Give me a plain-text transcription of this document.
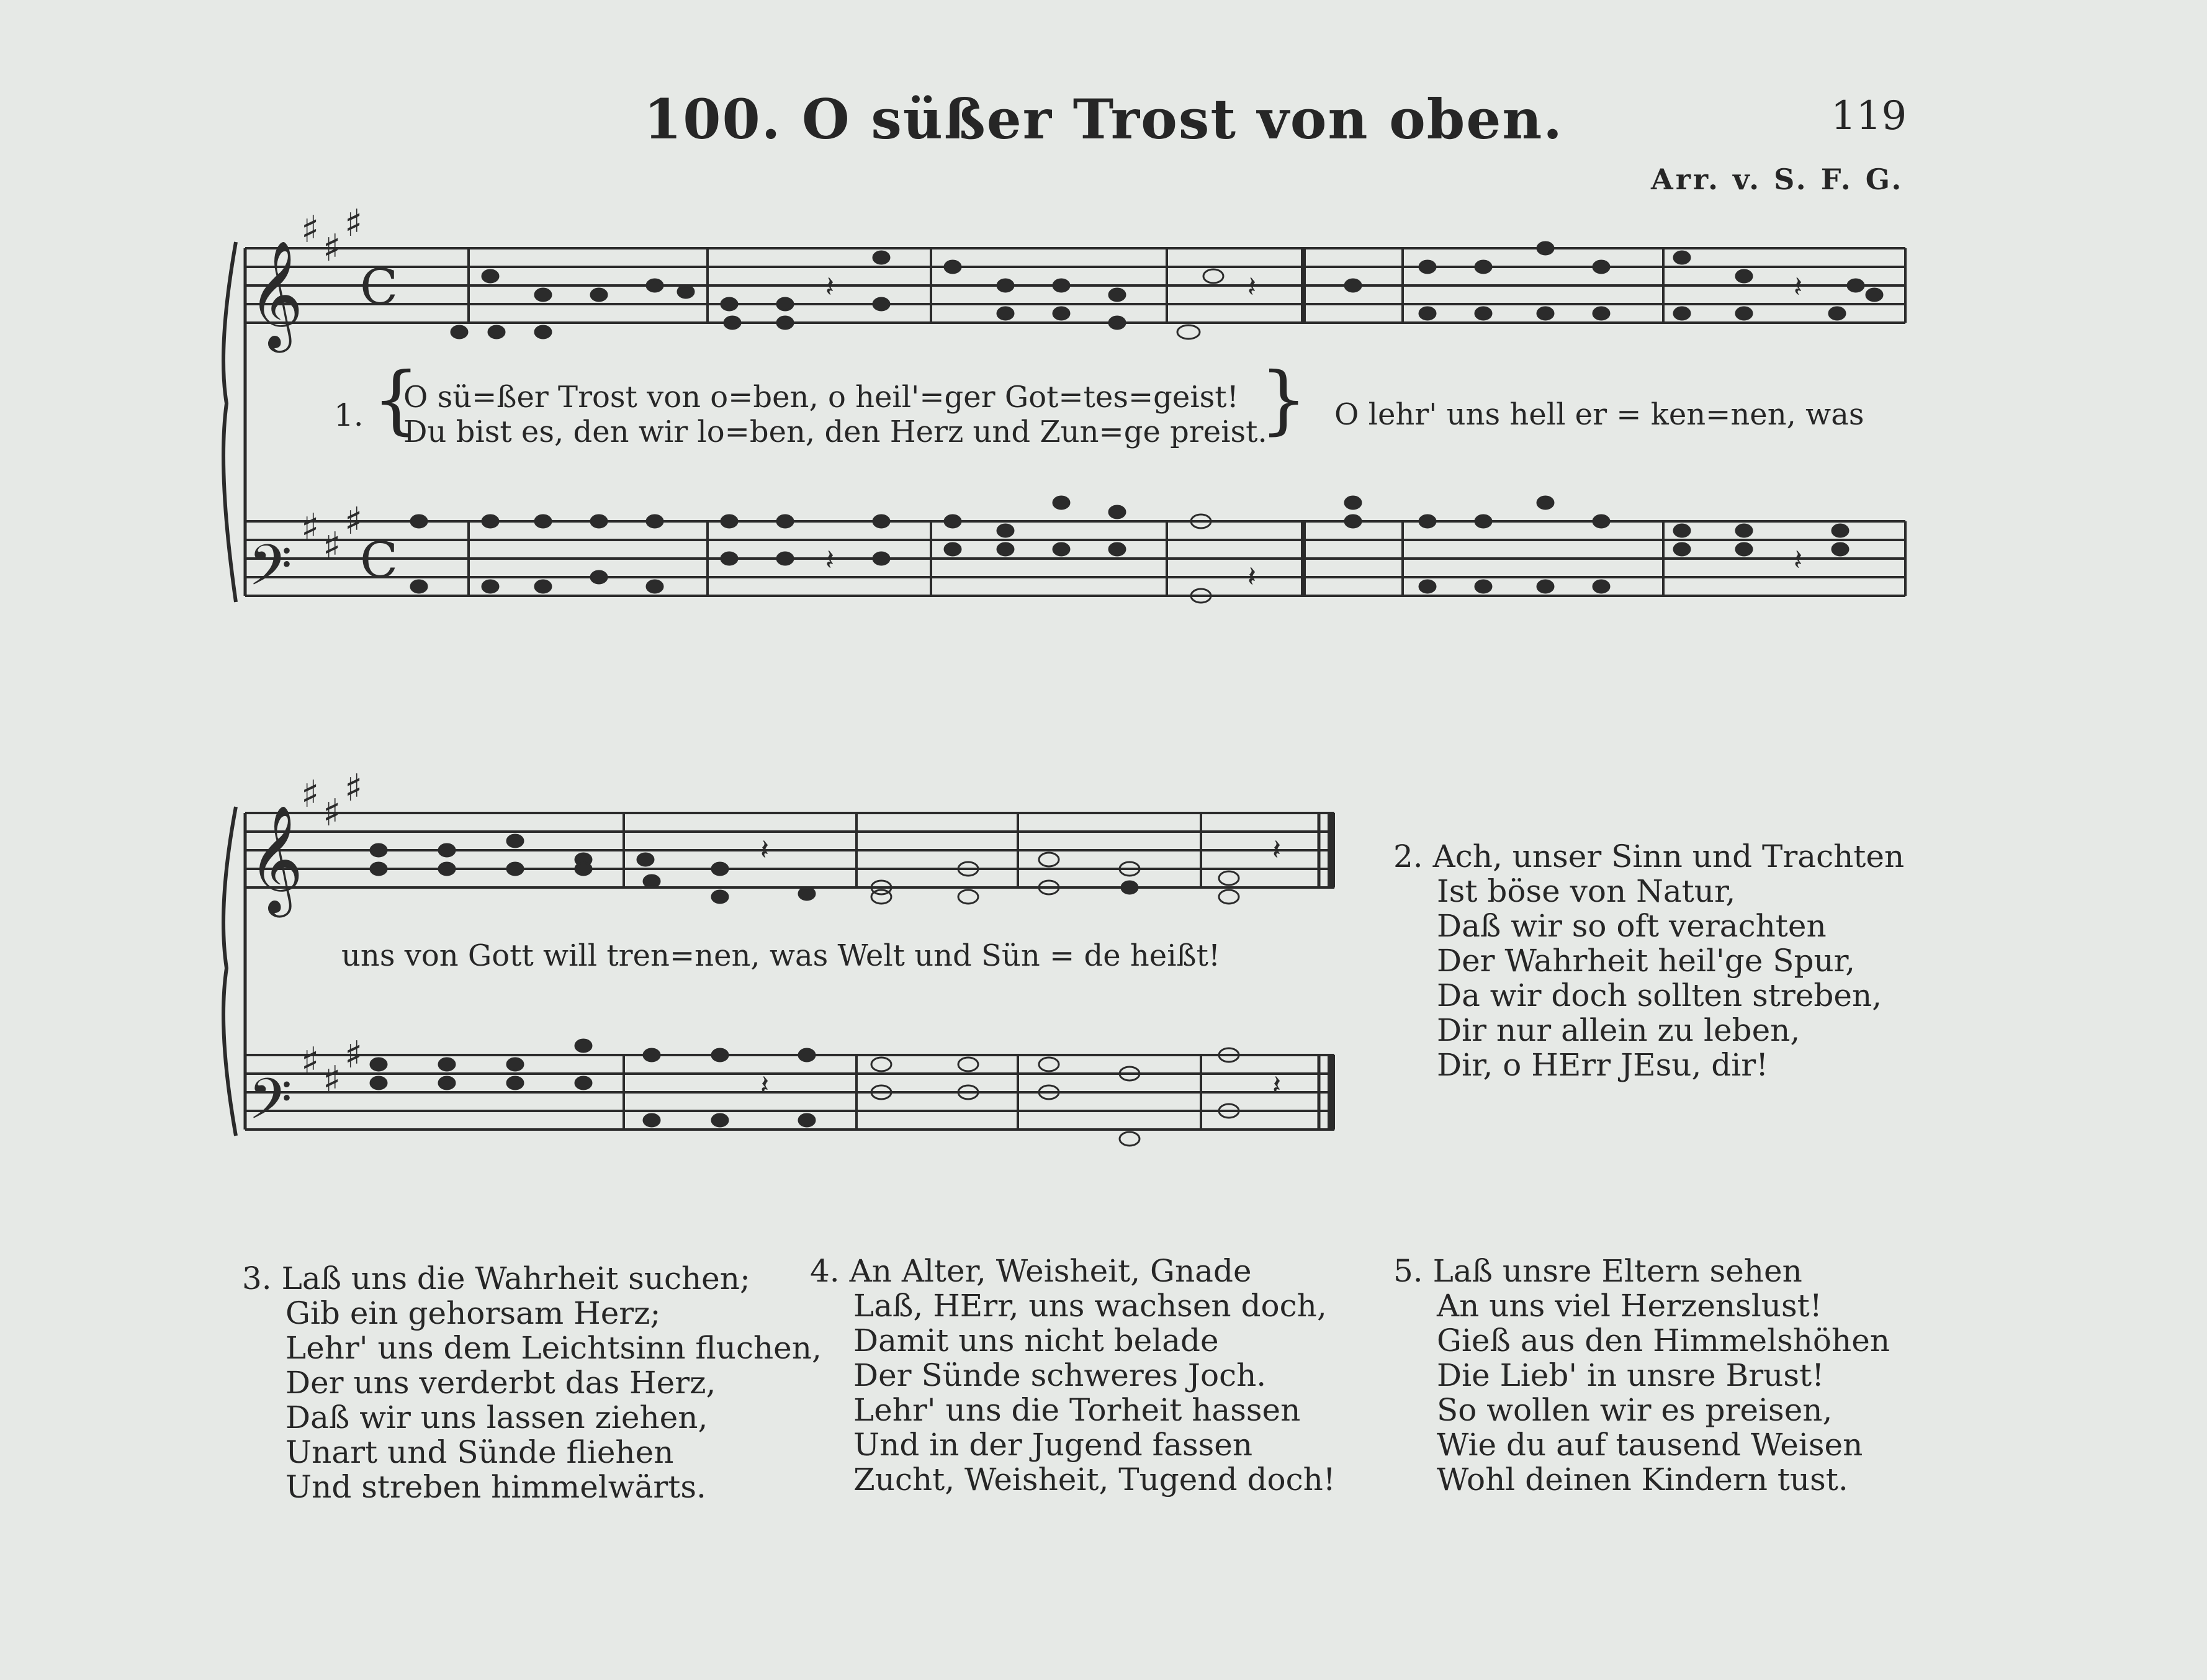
100. O süßer Trost von oben.	119
Arr. v. S. F. G.
𝄞
𝄢
𝄞
𝄢
♯ ♯
♯
♯ ♯
♯
♯ ♯
♯
♯ ♯
♯
C
C
𝄽	𝄽	𝄽
𝄽	𝄽	𝄽
𝄽	𝄽
𝄽	𝄽
1. {
O sü=ßer Trost von o=ben, o heil'=ger Got=tes=geist!
Du bist es, den wir lo=ben, den Herz und Zun=ge preist.
} O lehr' uns hell er = ken=nen, was
uns von Gott will tren=nen, was Welt und Sün = de heißt!
2. Ach, unser Sinn und Trachten
Ist böse von Natur,
Daß wir so oft verachten
Der Wahrheit heil'ge Spur,
Da wir doch sollten streben,
Dir nur allein zu leben,
Dir, o HErr JEsu, dir!
3. Laß uns die Wahrheit suchen;
Gib ein gehorsam Herz;
Lehr' uns dem Leichtsinn fluchen,
Der uns verderbt das Herz,
Daß wir uns lassen ziehen,
Unart und Sünde fliehen
Und streben himmelwärts.
4. An Alter, Weisheit, Gnade
Laß, HErr, uns wachsen doch,
Damit uns nicht belade
Der Sünde schweres Joch.
Lehr' uns die Torheit hassen
Und in der Jugend fassen
Zucht, Weisheit, Tugend doch!
5. Laß unsre Eltern sehen
An uns viel Herzenslust!
Gieß aus den Himmelshöhen
Die Lieb' in unsre Brust!
So wollen wir es preisen,
Wie du auf tausend Weisen
Wohl deinen Kindern tust.
